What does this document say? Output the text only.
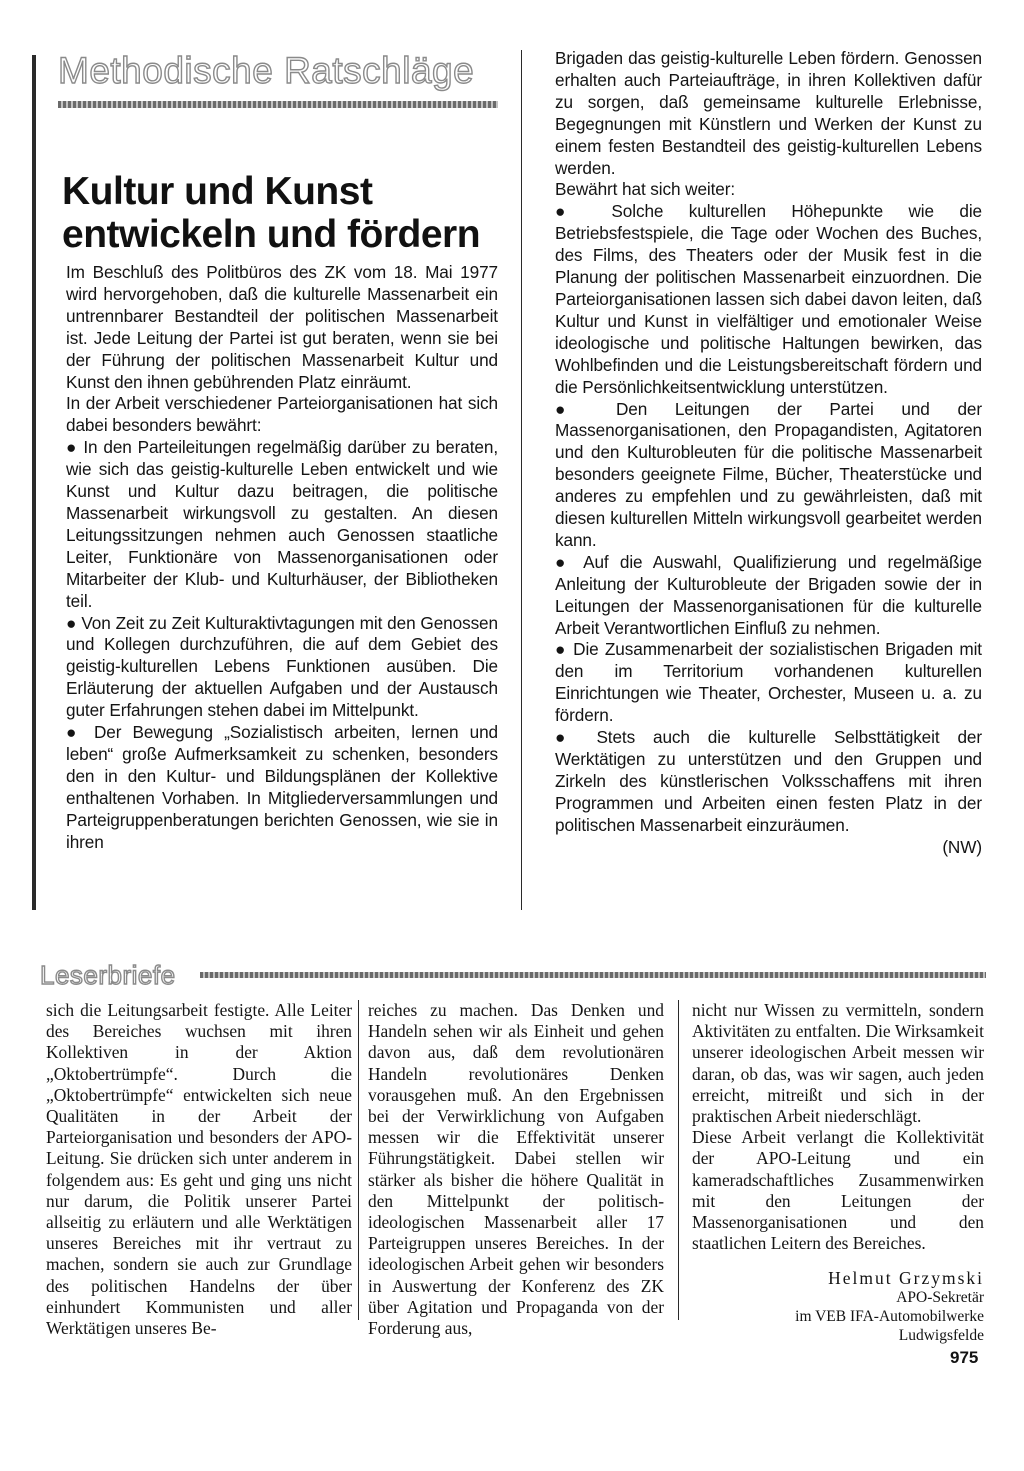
Methodische Ratschläge
Kultur und Kunst
entwickeln und fördern

Im Beschluß des Politbüros des ZK vom 18. Mai 1977 wird hervorgehoben, daß die kulturelle Massenarbeit ein untrennbarer Bestandteil der politischen Massenarbeit ist. Jede Leitung der Partei ist gut beraten, wenn sie bei der Führung der politischen Massenarbeit Kultur und Kunst den ihnen gebührenden Platz einräumt.

In der Arbeit verschiedener Parteiorganisationen hat sich dabei besonders bewährt:

● In den Parteileitungen regelmäßig darüber zu beraten, wie sich das geistig-kulturelle Leben entwickelt und wie Kunst und Kultur dazu beitragen, die politische Massenarbeit wirkungsvoll zu gestalten. An diesen Leitungssitzungen nehmen auch Genossen staatliche Leiter, Funktionäre von Massenorganisationen oder Mitarbeiter der Klub- und Kulturhäuser, der Bibliotheken teil.

● Von Zeit zu Zeit Kulturaktivtagungen mit den Genossen und Kollegen durchzuführen, die auf dem Gebiet des geistig-kulturellen Lebens Funktionen ausüben. Die Erläuterung der aktuellen Aufgaben und der Austausch guter Erfahrungen stehen dabei im Mittelpunkt.

● Der Bewegung „Sozialistisch arbeiten, lernen und leben“ große Aufmerksamkeit zu schenken, besonders den in den Kultur- und Bildungsplänen der Kollektive enthaltenen Vorhaben. In Mitgliederversammlungen und Parteigruppenberatungen berichten Genossen, wie sie in ihren

Brigaden das geistig-kulturelle Leben fördern. Genossen erhalten auch Parteiaufträge, in ihren Kollektiven dafür zu sorgen, daß gemeinsame kulturelle Erlebnisse, Begegnungen mit Künstlern und Werken der Kunst zu einem festen Bestandteil des geistig-kulturellen Lebens werden.

Bewährt hat sich weiter:

● Solche kulturellen Höhepunkte wie die Betriebsfestspiele, die Tage oder Wochen des Buches, des Films, des Theaters oder der Musik fest in die Planung der politischen Massenarbeit einzuordnen. Die Parteiorganisationen lassen sich dabei davon leiten, daß Kultur und Kunst in vielfältiger und emotionaler Weise ideologische und politische Haltungen bewirken, das Wohlbefinden und die Leistungsbereitschaft fördern und die Persönlichkeitsentwicklung unterstützen.

● Den Leitungen der Partei und der Massenorganisationen, den Propagandisten, Agitatoren und den Kulturobleuten für die politische Massenarbeit besonders geeignete Filme, Bücher, Theaterstücke und anderes zu empfehlen und zu gewährleisten, daß mit diesen kulturellen Mitteln wirkungsvoll gearbeitet werden kann.

● Auf die Auswahl, Qualifizierung und regelmäßige Anleitung der Kulturobleute der Brigaden sowie der in Leitungen der Massenorganisationen für die kulturelle Arbeit Verantwortlichen Einfluß zu nehmen.

● Die Zusammenarbeit der sozialistischen Brigaden mit den im Territorium vorhandenen kulturellen Einrichtungen wie Theater, Orchester, Museen u. a. zu fördern.

● Stets auch die kulturelle Selbsttätigkeit der Werktätigen zu unterstützen und den Gruppen und Zirkeln des künstlerischen Volksschaffens mit ihren Programmen und Arbeiten einen festen Platz in der politischen Massenarbeit einzuräumen.

(NW)

Leserbriefe

sich die Leitungsarbeit festigte. Alle Leiter des Bereiches wuchsen mit ihren Kollektiven in der Aktion „Oktobertrümpfe“. Durch die „Oktobertrümpfe“ entwickelten sich neue Qualitäten in der Arbeit der Parteiorganisation und besonders der APO-Leitung. Sie drücken sich unter anderem in folgendem aus: Es geht und ging uns nicht nur darum, die Politik unserer Partei allseitig zu erläutern und alle Werktätigen unseres Bereiches mit ihr vertraut zu machen, sondern sie auch zur Grundlage des politischen Handelns der über einhundert Kommunisten und aller Werktätigen unseres Be-

reiches zu machen. Das Denken und Handeln sehen wir als Einheit und gehen davon aus, daß dem revolutionären Handeln revolutionäres Denken vorausgehen muß. An den Ergebnissen bei der Verwirklichung von Aufgaben messen wir die Effektivität unserer Führungstätigkeit. Dabei stellen wir stärker als bisher die höhere Qualität in den Mittelpunkt der politisch-ideologischen Massenarbeit aller 17 Parteigruppen unseres Bereiches. In der ideologischen Arbeit gehen wir besonders in Auswertung der Konferenz des ZK über Agitation und Propaganda von der Forderung aus,

nicht nur Wissen zu vermitteln, sondern Aktivitäten zu entfalten. Die Wirksamkeit unserer ideologischen Arbeit messen wir daran, ob das, was wir sagen, auch jeden erreicht, mitreißt und sich in der praktischen Arbeit niederschlägt.

Diese Arbeit verlangt die Kollektivität der APO-Leitung und ein kameradschaftliches Zusammenwirken mit den Leitungen der Massenorganisationen und den staatlichen Leitern des Bereiches.

Helmut Grzymski
APO-Sekretär
im VEB IFA-Automobilwerke
Ludwigsfelde
975
